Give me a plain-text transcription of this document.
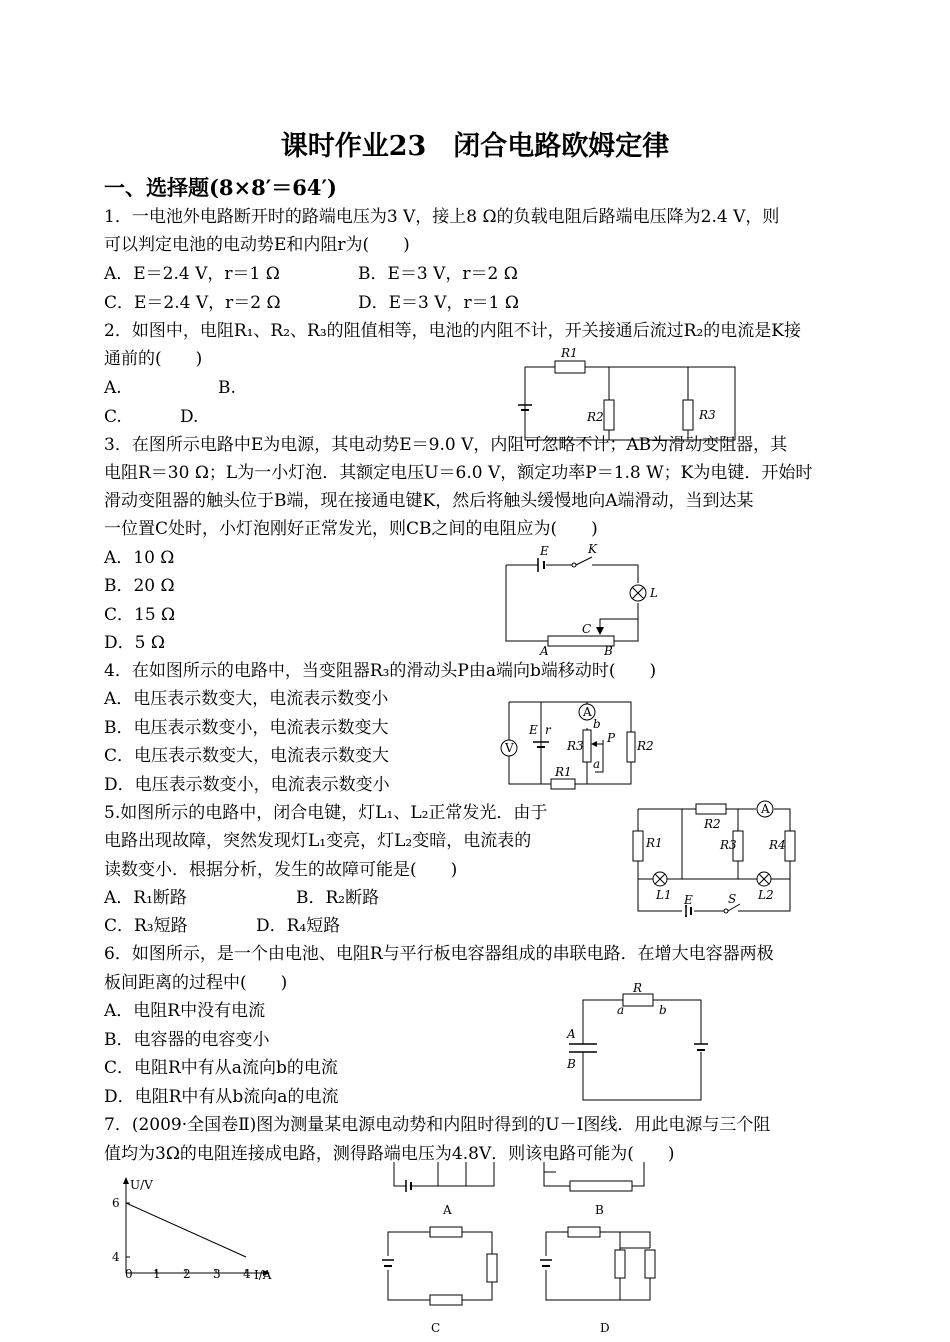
课时作业23　闭合电路欧姆定律
一、选择题(8×8′＝64′)
1．一电池外电路断开时的路端电压为3 V，接上8 Ω的负载电阻后路端电压降为2.4 V，则
可以判定电池的电动势E和内阻r为(　　)
A．E＝2.4 V，r＝1 Ω	B．E＝3 V，r＝2 Ω
C．E＝2.4 V，r＝2 Ω	D．E＝3 V，r＝1 Ω
2．如图中，电阻R₁、R₂、R₃的阻值相等，电池的内阻不计，开关接通后流过R₂的电流是K接
通前的(　　)
A.	B.
C.	D.
R1
R2	R3
3．在图所示电路中E为电源，其电动势E＝9.0 V，内阻可忽略不计；AB为滑动变阻器，其
电阻R＝30 Ω；L为一小灯泡．其额定电压U＝6.0 V，额定功率P＝1.8 W；K为电键．开始时
滑动变阻器的触头位于B端，现在接通电键K，然后将触头缓慢地向A端滑动，当到达某
一位置C处时，小灯泡刚好正常发光，则CB之间的电阻应为(　　)
A．10 Ω
B．20 Ω
C．15 Ω
D．5 Ω
E	K
L
C
A	B
4．在如图所示的电路中，当变阻器R₃的滑动头P由a端向b端移动时(　　)
A．电压表示数变大，电流表示数变小
B．电压表示数变小，电流表示数变大
C．电压表示数变大，电流表示数变大
D．电压表示数变小，电流表示数变小
V
A
E r
R3	R2
R1
P
b
a
5.如图所示的电路中，闭合电键，灯L₁、L₂正常发光．由于
电路出现故障，突然发现灯L₁变亮，灯L₂变暗，电流表的
读数变小．根据分析，发生的故障可能是(　　)
A．R₁断路	B．R₂断路
C．R₃短路	D．R₄短路
R1
R2
R3	R4
A
L1	L2
E	S
6．如图所示，是一个由电池、电阻R与平行板电容器组成的串联电路．在增大电容器两极
板间距离的过程中(　　)
A．电阻R中没有电流
B．电容器的电容变小
C．电阻R中有从a流向b的电流
D．电阻R中有从b流向a的电流
R
a	b
A
B
7．(2009·全国卷Ⅱ)图为测量某电源电动势和内阻时得到的U－I图线．用此电源与三个阻
值均为3Ω的电阻连接成电路，测得路端电压为4.8V．则该电路可能为(　　)
0 1 2 3 4
4
6
U/V
I/A
A	B
C	D
